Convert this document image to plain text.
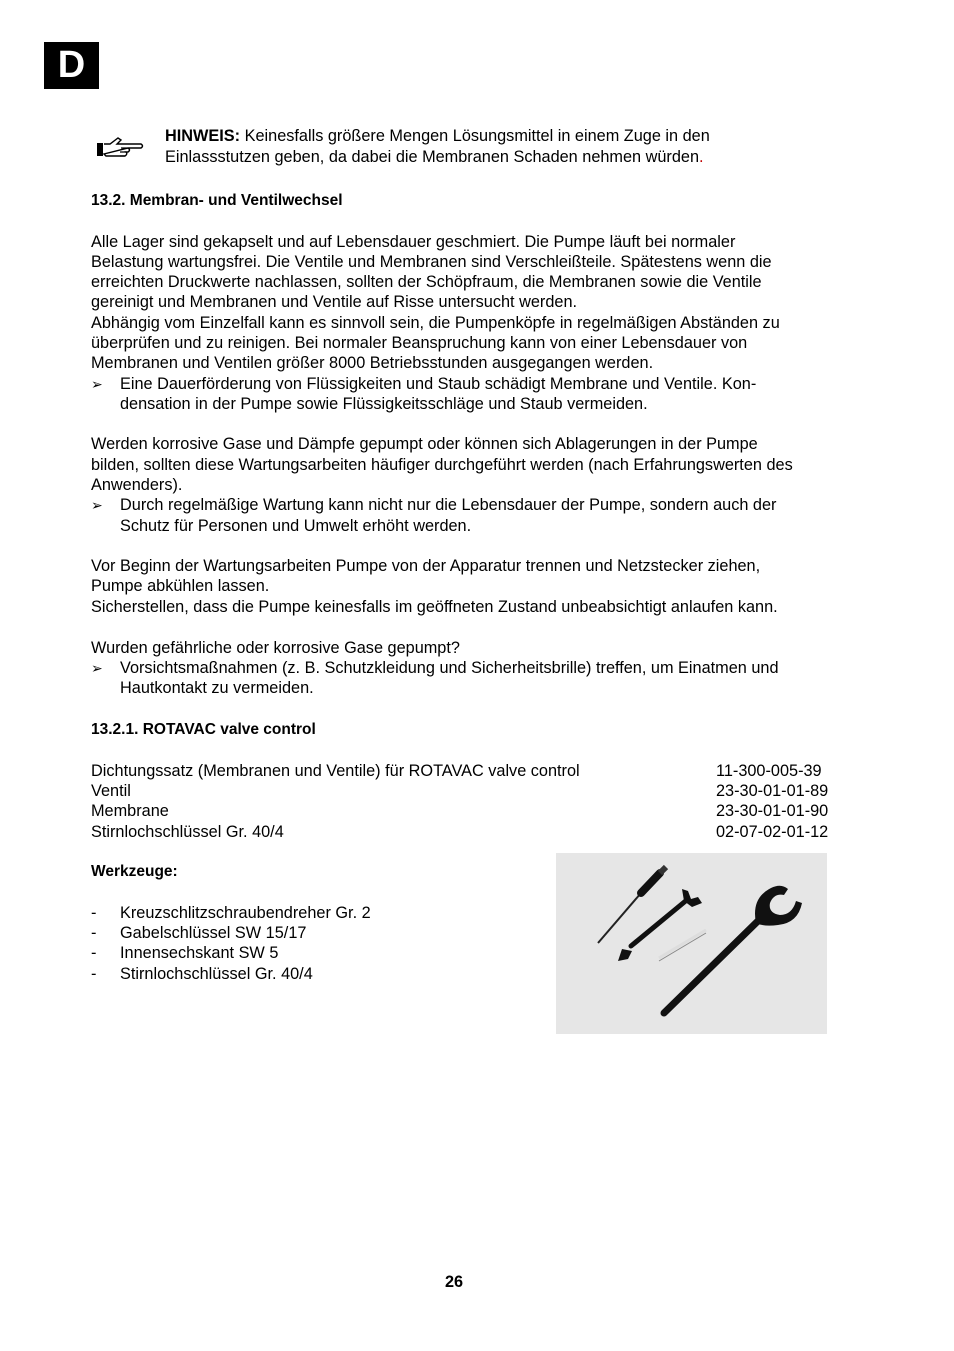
D
HINWEIS: Keinesfalls größere Mengen Lösungsmittel in einem Zuge in den
Einlassstutzen geben, da dabei die Membranen Schaden nehmen würden.
13.2. Membran- und Ventilwechsel
Alle Lager sind gekapselt und auf Lebensdauer geschmiert. Die Pumpe läuft bei normaler
Belastung wartungsfrei. Die Ventile und Membranen sind Verschleißteile. Spätestens wenn die
erreichten Druckwerte nachlassen, sollten der Schöpfraum, die Membranen sowie die Ventile
gereinigt und Membranen und Ventile auf Risse untersucht werden.
Abhängig vom Einzelfall kann es sinnvoll sein, die Pumpenköpfe in regelmäßigen Abständen zu
überprüfen und zu reinigen. Bei normaler Beanspruchung kann von einer Lebensdauer von
Membranen und Ventilen größer 8000 Betriebsstunden ausgegangen werden.
➢ Eine Dauerförderung von Flüssigkeiten und Staub schädigt Membrane und Ventile. Kon-
densation in der Pumpe sowie Flüssigkeitsschläge und Staub vermeiden.
Werden korrosive Gase und Dämpfe gepumpt oder können sich Ablagerungen in der Pumpe
bilden, sollten diese Wartungsarbeiten häufiger durchgeführt werden (nach Erfahrungswerten des
Anwenders).
➢ Durch regelmäßige Wartung kann nicht nur die Lebensdauer der Pumpe, sondern auch der
Schutz für Personen und Umwelt erhöht werden.
Vor Beginn der Wartungsarbeiten Pumpe von der Apparatur trennen und Netzstecker ziehen,
Pumpe abkühlen lassen.
Sicherstellen, dass die Pumpe keinesfalls im geöffneten Zustand unbeabsichtigt anlaufen kann.
Wurden gefährliche oder korrosive Gase gepumpt?
➢ Vorsichtsmaßnahmen (z. B. Schutzkleidung und Sicherheitsbrille) treffen, um Einatmen und
Hautkontakt zu vermeiden.
13.2.1. ROTAVAC valve control
Dichtungssatz (Membranen und Ventile) für ROTAVAC valve control	11-300-005-39
Ventil	23-30-01-01-89
Membrane	23-30-01-01-90
Stirnlochschlüssel Gr. 40/4	02-07-02-01-12
Werkzeuge:
- Kreuzschlitzschraubendreher Gr. 2
- Gabelschlüssel SW 15/17
- Innensechskant SW 5
- Stirnlochschlüssel Gr. 40/4
26
